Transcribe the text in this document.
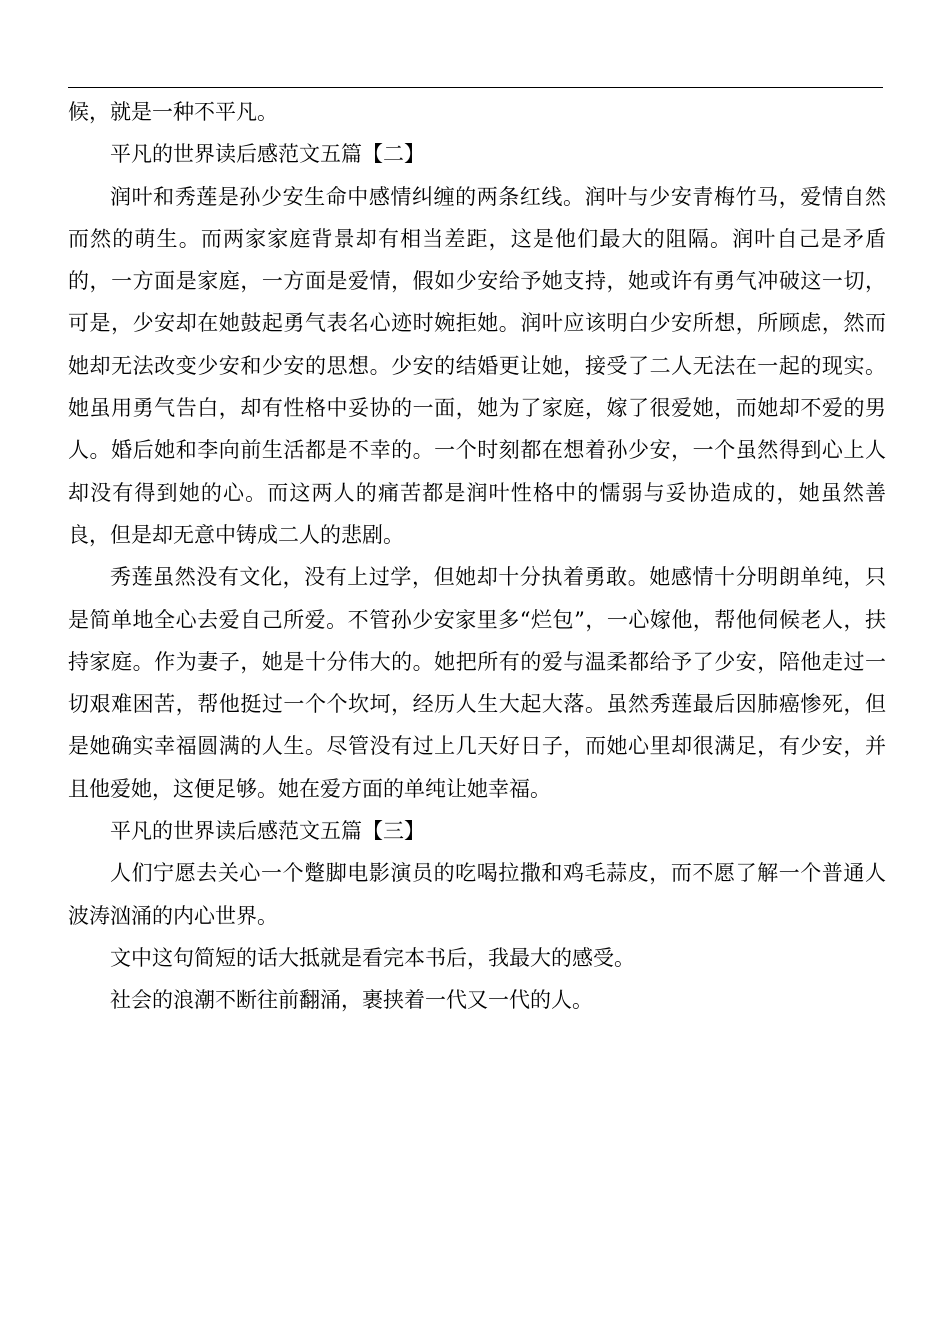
候，就是一种不平凡。

平凡的世界读后感范文五篇【二】

润叶和秀莲是孙少安生命中感情纠缠的两条红线。润叶与少安青梅竹马，爱情自然而然的萌生。而两家家庭背景却有相当差距，这是他们最大的阻隔。润叶自己是矛盾的，一方面是家庭，一方面是爱情，假如少安给予她支持，她或许有勇气冲破这一切，可是，少安却在她鼓起勇气表名心迹时婉拒她。润叶应该明白少安所想，所顾虑，然而她却无法改变少安和少安的思想。少安的结婚更让她，接受了二人无法在一起的现实。她虽用勇气告白，却有性格中妥协的一面，她为了家庭，嫁了很爱她，而她却不爱的男人。婚后她和李向前生活都是不幸的。一个时刻都在想着孙少安，一个虽然得到心上人却没有得到她的心。而这两人的痛苦都是润叶性格中的懦弱与妥协造成的，她虽然善良，但是却无意中铸成二人的悲剧。

秀莲虽然没有文化，没有上过学，但她却十分执着勇敢。她感情十分明朗单纯，只是简单地全心去爱自己所爱。不管孙少安家里多“烂包”，一心嫁他，帮他伺候老人，扶持家庭。作为妻子，她是十分伟大的。她把所有的爱与温柔都给予了少安，陪他走过一切艰难困苦，帮他挺过一个个坎坷，经历人生大起大落。虽然秀莲最后因肺癌惨死，但是她确实幸福圆满的人生。尽管没有过上几天好日子，而她心里却很满足，有少安，并且他爱她，这便足够。她在爱方面的单纯让她幸福。

平凡的世界读后感范文五篇【三】

人们宁愿去关心一个蹩脚电影演员的吃喝拉撒和鸡毛蒜皮，而不愿了解一个普通人波涛汹涌的内心世界。

文中这句简短的话大抵就是看完本书后，我最大的感受。

社会的浪潮不断往前翻涌，裹挟着一代又一代的人。
